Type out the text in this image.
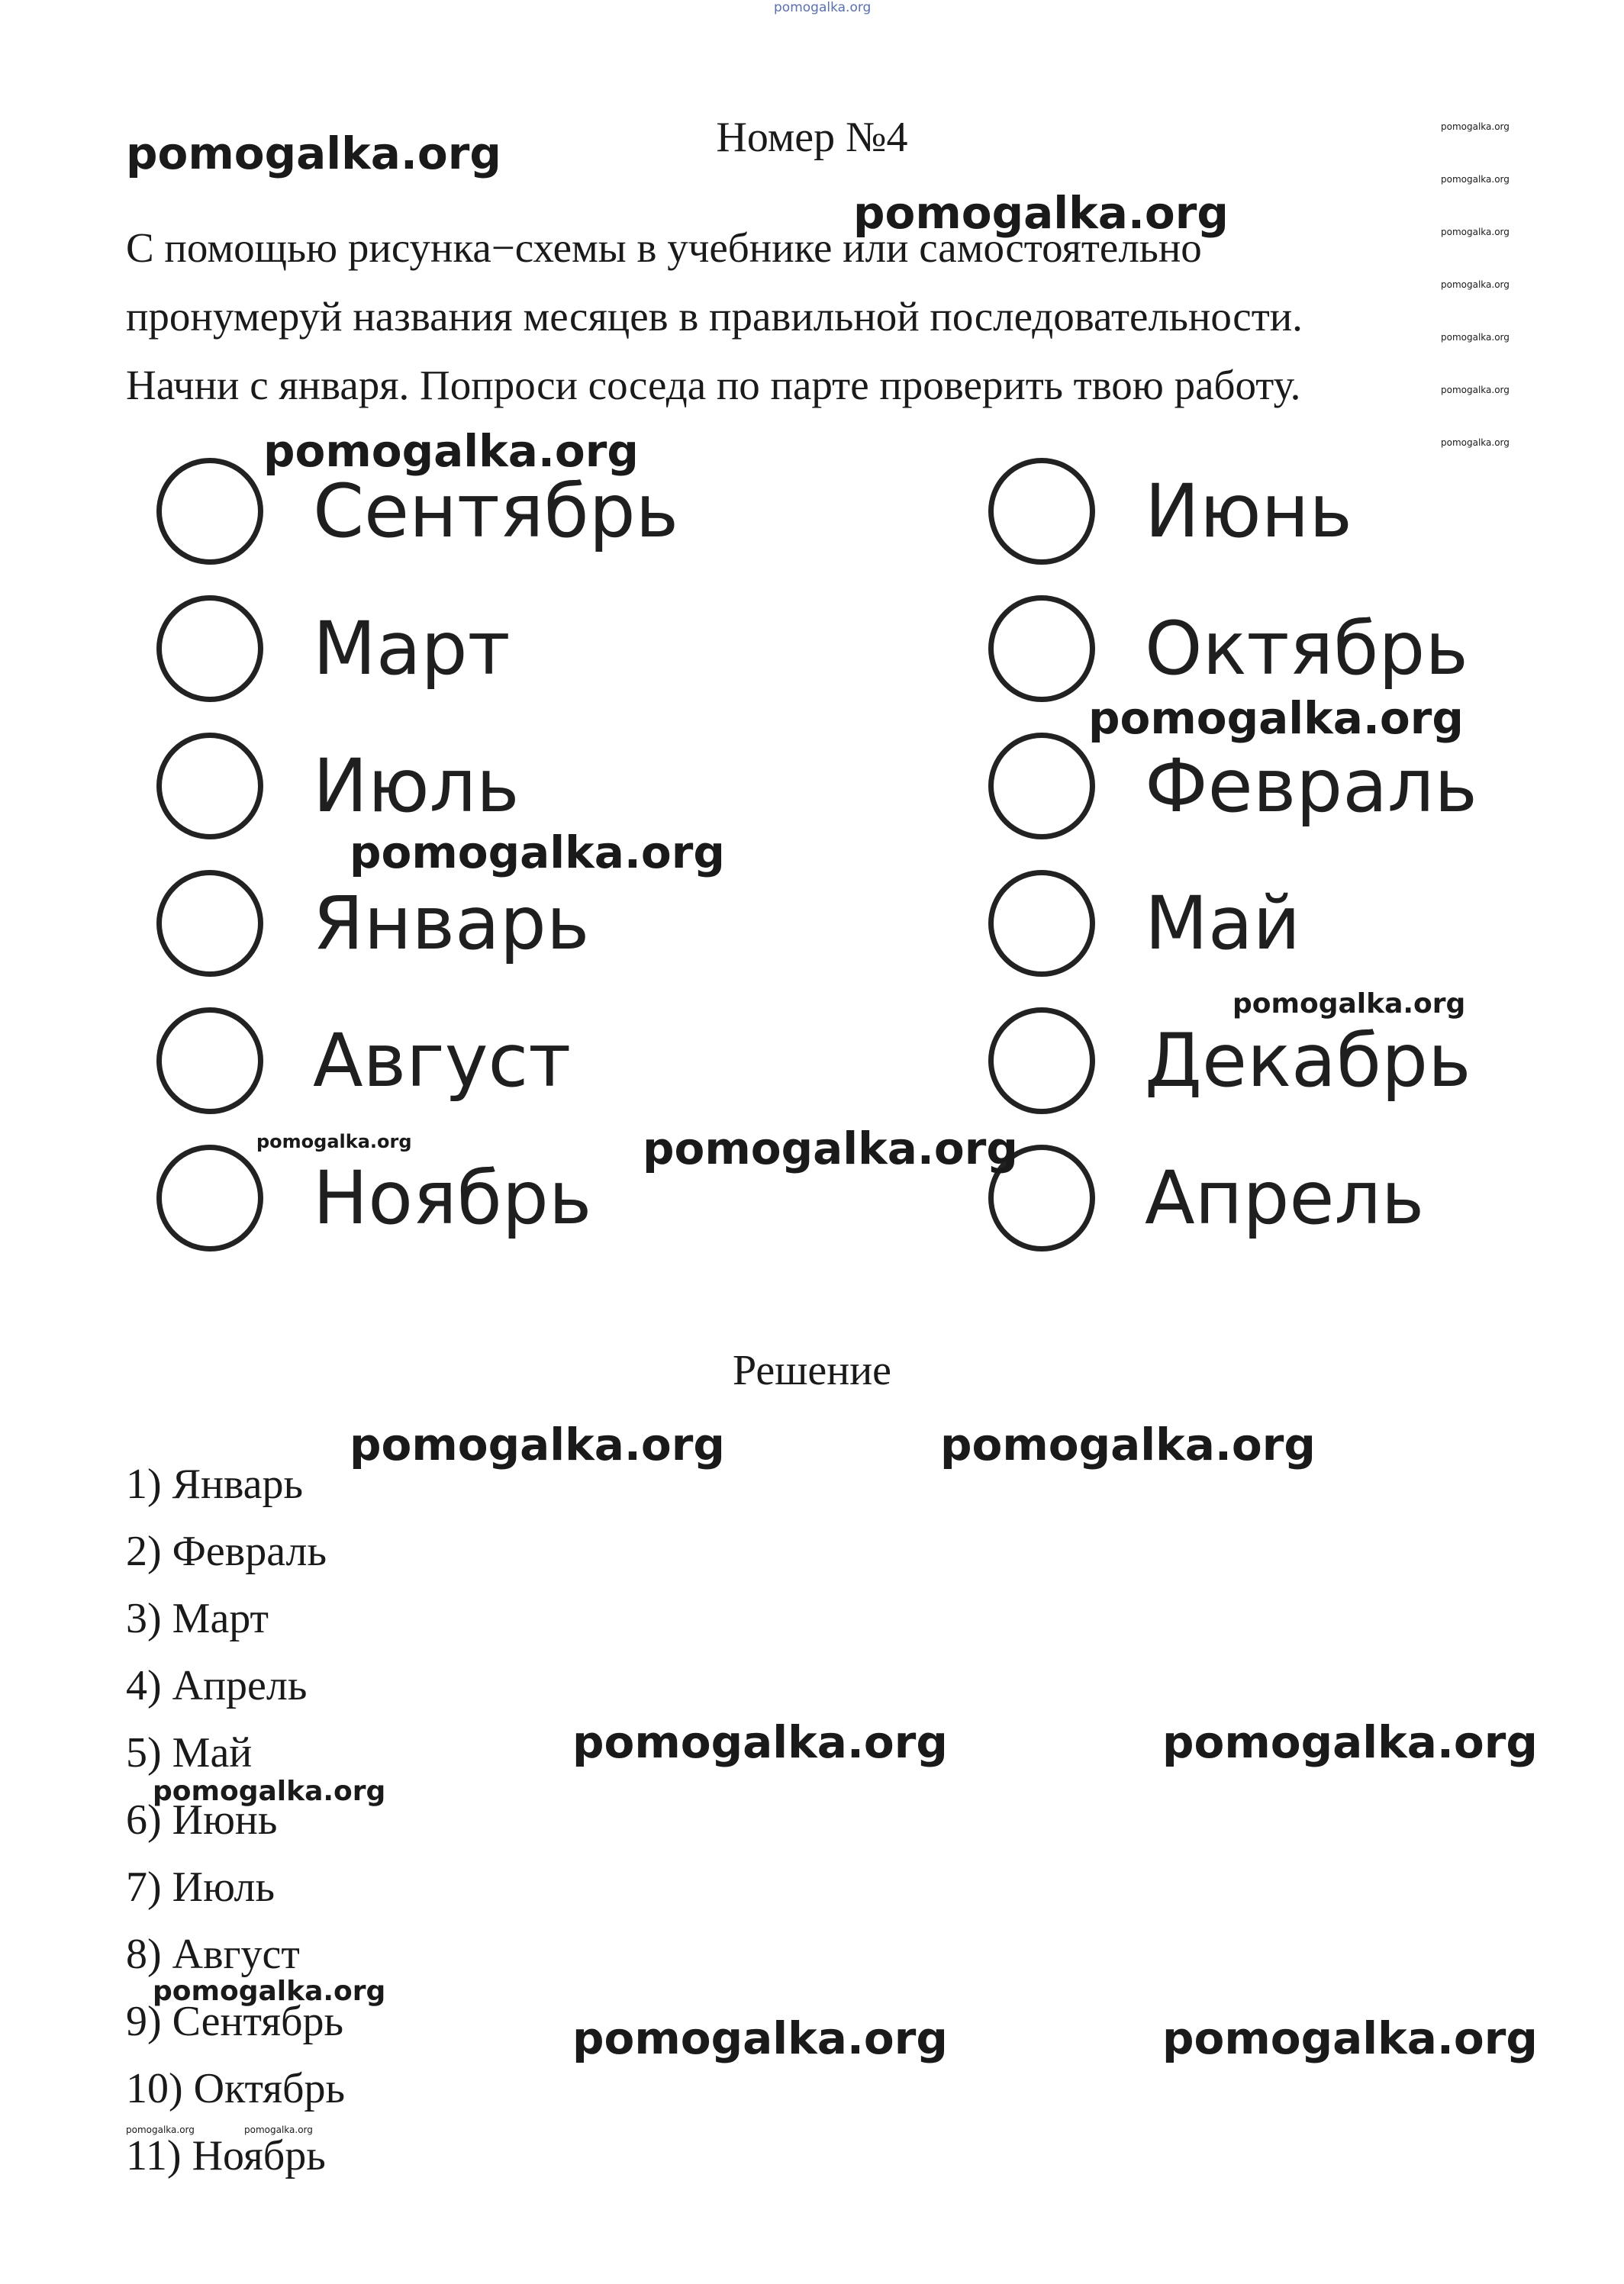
pomogalka.org
pomogalka.org
pomogalka.org
pomogalka.org
pomogalka.org
pomogalka.org
pomogalka.org
pomogalka.org
Номер №4

С помощью рисунка−схемы в учебнике или самостоятельно

пронумеруй названия месяцев в правильной последовательности.

Начни с января. Попроси соседа по парте проверить твою работу.

Сентябрь
Март
Июль
Январь
Август
Ноябрь
Июнь
Октябрь
Февраль
Май
Декабрь
Апрель
Решение
1) Январь
2) Февраль
3) Март
4) Апрель
5) Май
6) Июнь
7) Июль
8) Август
9) Сентябрь
10) Октябрь
11) Ноябрь
pomogalka.org
pomogalka.org
pomogalka.org
pomogalka.org
pomogalka.org
pomogalka.org
pomogalka.org	pomogalka.org
pomogalka.org	pomogalka.org
pomogalka.org	pomogalka.org
pomogalka.org
pomogalka.org
pomogalka.org	pomogalka.org
pomogalka.org	pomogalka.org
